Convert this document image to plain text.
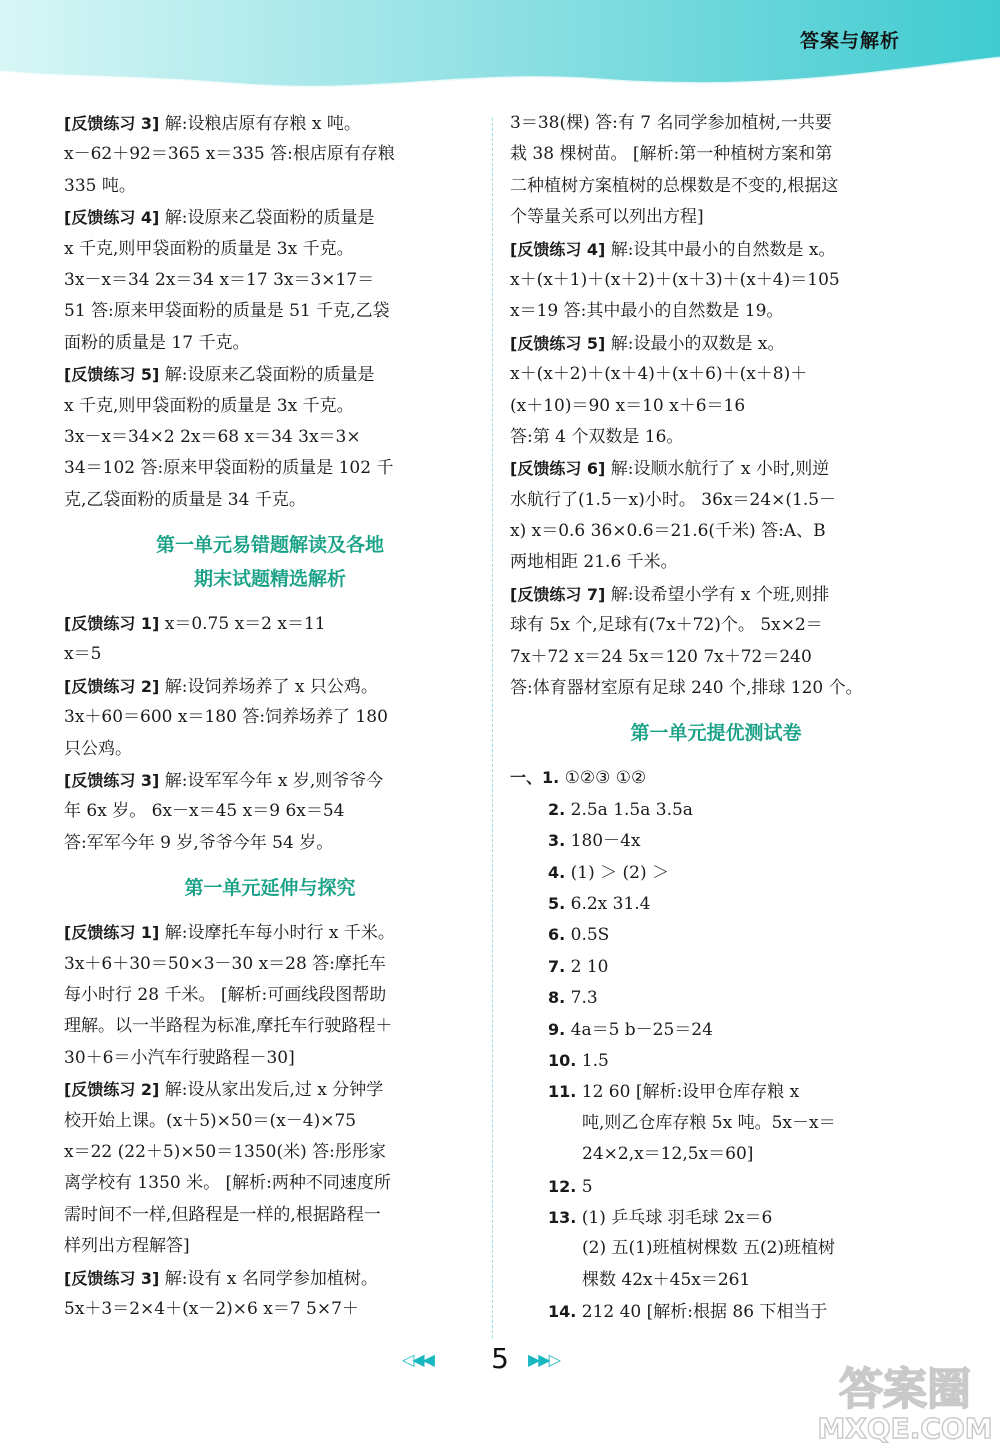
答案与解析
[反馈练习 3] 解:设粮店原有存粮 x 吨。
x－62＋92＝365 x＝335 答:根店原有存粮
335 吨。
[反馈练习 4] 解:设原来乙袋面粉的质量是
x 千克,则甲袋面粉的质量是 3x 千克。
3x－x＝34 2x＝34 x＝17 3x＝3×17＝
51 答:原来甲袋面粉的质量是 51 千克,乙袋
面粉的质量是 17 千克。
[反馈练习 5] 解:设原来乙袋面粉的质量是
x 千克,则甲袋面粉的质量是 3x 千克。
3x－x＝34×2 2x＝68 x＝34 3x＝3×
34＝102 答:原来甲袋面粉的质量是 102 千
克,乙袋面粉的质量是 34 千克。
第一单元易错题解读及各地
期末试题精选解析
[反馈练习 1] x＝0.75 x＝2 x＝11
x＝5
[反馈练习 2] 解:设饲养场养了 x 只公鸡。
3x＋60＝600 x＝180 答:饲养场养了 180
只公鸡。
[反馈练习 3] 解:设军军今年 x 岁,则爷爷今
年 6x 岁。 6x－x＝45 x＝9 6x＝54
答:军军今年 9 岁,爷爷今年 54 岁。
第一单元延伸与探究
[反馈练习 1] 解:设摩托车每小时行 x 千米。
3x＋6＋30＝50×3－30 x＝28 答:摩托车
每小时行 28 千米。 [解析:可画线段图帮助
理解。以一半路程为标准,摩托车行驶路程＋
30＋6＝小汽车行驶路程－30]
[反馈练习 2] 解:设从家出发后,过 x 分钟学
校开始上课。(x＋5)×50＝(x－4)×75
x＝22 (22＋5)×50＝1350(米) 答:彤彤家
离学校有 1350 米。 [解析:两种不同速度所
需时间不一样,但路程是一样的,根据路程一
样列出方程解答]
[反馈练习 3] 解:设有 x 名同学参加植树。
5x＋3＝2×4＋(x－2)×6 x＝7 5×7＋
3＝38(棵) 答:有 7 名同学参加植树,一共要
栽 38 棵树苗。 [解析:第一种植树方案和第
二种植树方案植树的总棵数是不变的,根据这
个等量关系可以列出方程]
[反馈练习 4] 解:设其中最小的自然数是 x。
x＋(x＋1)＋(x＋2)＋(x＋3)＋(x＋4)＝105
x＝19 答:其中最小的自然数是 19。
[反馈练习 5] 解:设最小的双数是 x。
x＋(x＋2)＋(x＋4)＋(x＋6)＋(x＋8)＋
(x＋10)＝90 x＝10 x＋6＝16
答:第 4 个双数是 16。
[反馈练习 6] 解:设顺水航行了 x 小时,则逆
水航行了(1.5－x)小时。 36x＝24×(1.5－
x) x＝0.6 36×0.6＝21.6(千米) 答:A、B
两地相距 21.6 千米。
[反馈练习 7] 解:设希望小学有 x 个班,则排
球有 5x 个,足球有(7x＋72)个。 5x×2＝
7x＋72 x＝24 5x＝120 7x＋72＝240
答:体育器材室原有足球 240 个,排球 120 个。
第一单元提优测试卷
一、1. ①②③ ①②
2. 2.5a 1.5a 3.5a
3. 180－4x
4. (1) ＞ (2) ＞
5. 6.2x 31.4
6. 0.5S
7. 2 10
8. 7.3
9. 4a＝5 b－25＝24
10. 1.5
11. 12 60 [解析:设甲仓库存粮 x
吨,则乙仓库存粮 5x 吨。5x－x＝
24×2,x＝12,5x＝60]
12. 5
13. (1) 乒乓球 羽毛球 2x＝6
(2) 五(1)班植树棵数 五(2)班植树
棵数 42x＋45x＝261
14. 212 40 [解析:根据 86 下相当于
◁◀◀	5	▶▶▷
答案圈
MXQE.COM
